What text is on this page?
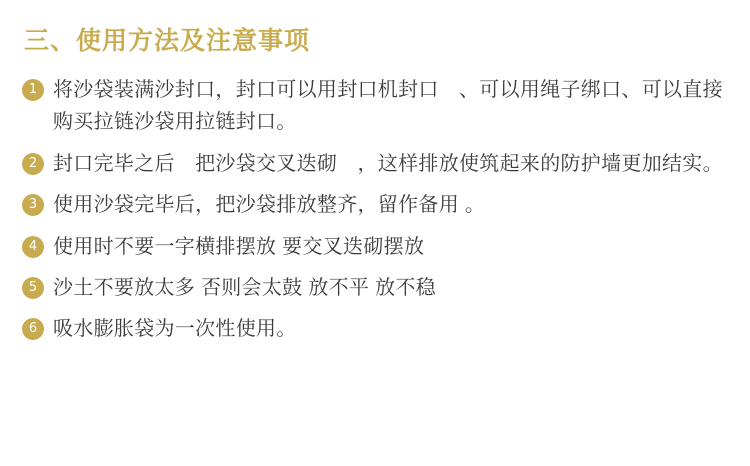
三、使用方法及注意事项
1 将沙袋装满沙封口，封口可以用封口机封口　、可以用绳子绑口、可以直接购买拉链沙袋用拉链封口。
2 封口完毕之后　把沙袋交叉迭砌　，这样排放使筑起来的防护墙更加结实。
3 使用沙袋完毕后，把沙袋排放整齐，留作备用 。
4 使用时不要一字横排摆放 要交叉迭砌摆放
5 沙土不要放太多 否则会太鼓 放不平 放不稳
6 吸水膨胀袋为一次性使用。
